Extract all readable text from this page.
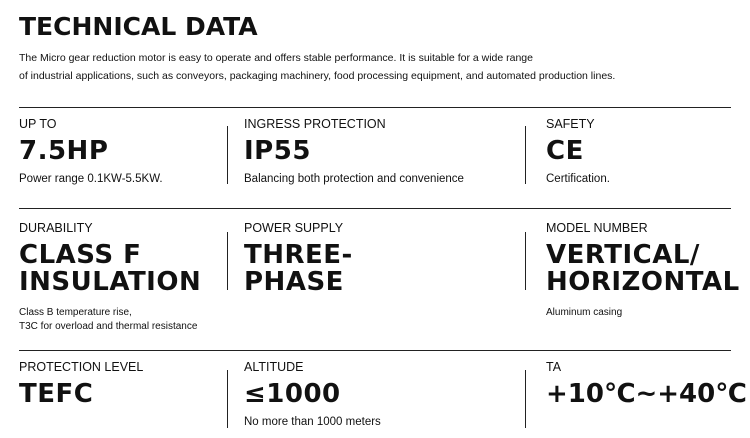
TECHNICAL DATA
The Micro gear reduction motor is easy to operate and offers stable performance. It is suitable for a wide range
of industrial applications, such as conveyors, packaging machinery, food processing equipment, and automated production lines.
UP TO
7.5HP
Power range 0.1KW-5.5KW.
INGRESS PROTECTION
IP55
Balancing both protection and convenience
SAFETY
CE
Certification.
DURABILITY
CLASS F
INSULATION
Class B temperature rise,
T3C for overload and thermal resistance
POWER SUPPLY
THREE-
PHASE
MODEL NUMBER
VERTICAL/
HORIZONTAL
Aluminum casing
PROTECTION LEVEL
TEFC
ALTITUDE
≤1000
No more than 1000 meters
TA
+10℃~+40℃
